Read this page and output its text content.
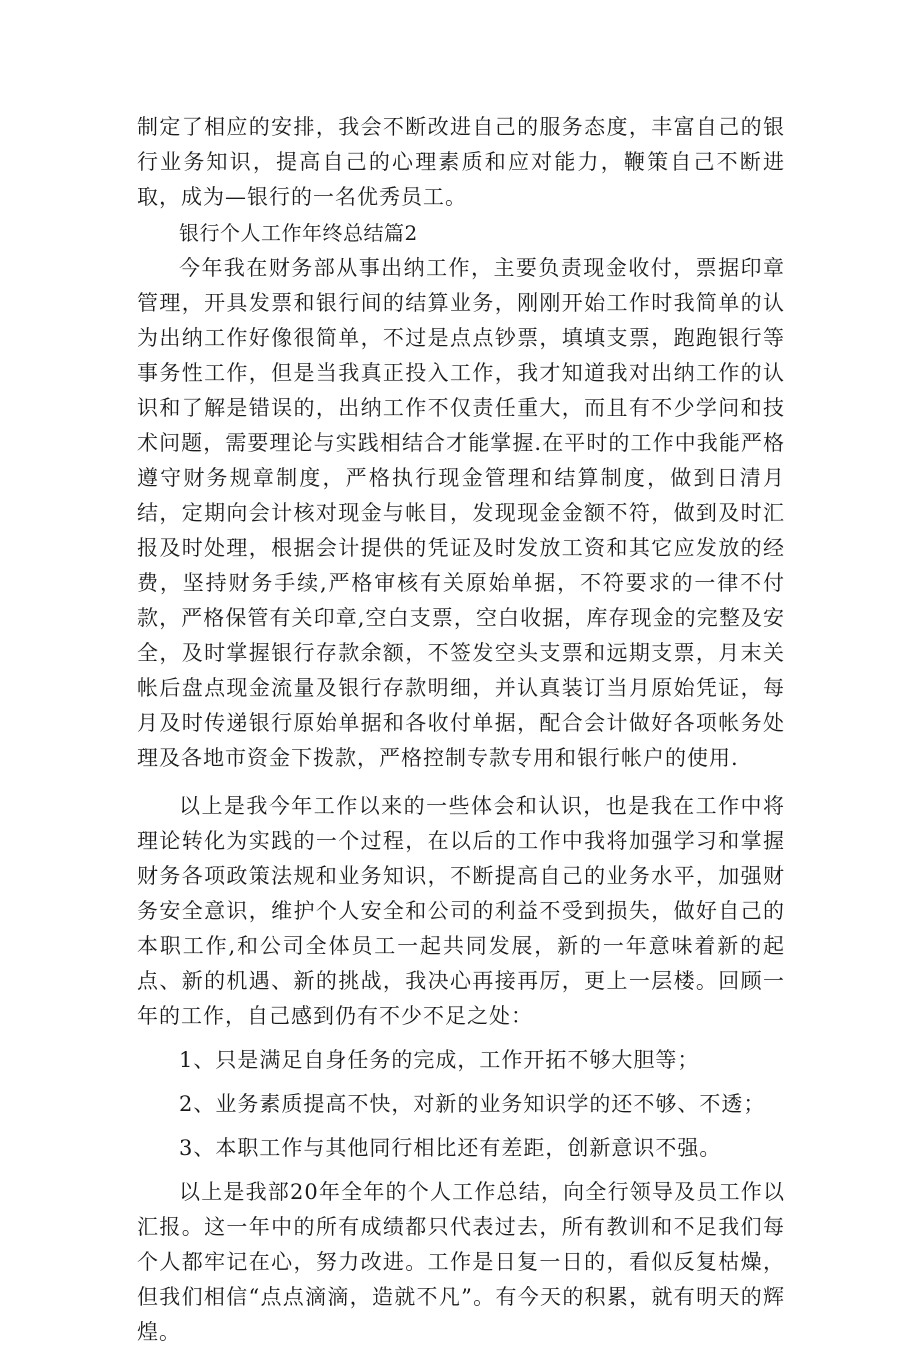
制定了相应的安排，我会不断改进自己的服务态度，丰富自己的银行业务知识，提高自己的心理素质和应对能力，鞭策自己不断进取，成为—银行的一名优秀员工。

银行个人工作年终总结篇2

今年我在财务部从事出纳工作，主要负责现金收付，票据印章管理，开具发票和银行间的结算业务，刚刚开始工作时我简单的认为出纳工作好像很简单，不过是点点钞票，填填支票，跑跑银行等事务性工作，但是当我真正投入工作，我才知道我对出纳工作的认识和了解是错误的，出纳工作不仅责任重大，而且有不少学问和技术问题，需要理论与实践相结合才能掌握.在平时的工作中我能严格遵守财务规章制度，严格执行现金管理和结算制度，做到日清月结，定期向会计核对现金与帐目，发现现金金额不符，做到及时汇报及时处理，根据会计提供的凭证及时发放工资和其它应发放的经费，坚持财务手续,严格审核有关原始单据，不符要求的一律不付款，严格保管有关印章,空白支票，空白收据，库存现金的完整及安全，及时掌握银行存款余额，不签发空头支票和远期支票，月末关帐后盘点现金流量及银行存款明细，并认真装订当月原始凭证，每月及时传递银行原始单据和各收付单据，配合会计做好各项帐务处理及各地市资金下拨款，严格控制专款专用和银行帐户的使用.

以上是我今年工作以来的一些体会和认识，也是我在工作中将理论转化为实践的一个过程，在以后的工作中我将加强学习和掌握财务各项政策法规和业务知识，不断提高自己的业务水平，加强财务安全意识，维护个人安全和公司的利益不受到损失，做好自己的本职工作,和公司全体员工一起共同发展，新的一年意味着新的起点、新的机遇、新的挑战，我决心再接再厉，更上一层楼。回顾一年的工作，自己感到仍有不少不足之处：

1、只是满足自身任务的完成，工作开拓不够大胆等；

2、业务素质提高不快，对新的业务知识学的还不够、不透；

3、本职工作与其他同行相比还有差距，创新意识不强。

以上是我部20年全年的个人工作总结，向全行领导及员工作以汇报。这一年中的所有成绩都只代表过去，所有教训和不足我们每个人都牢记在心，努力改进。工作是日复一日的，看似反复枯燥，但我们相信“点点滴滴，造就不凡”。有今天的积累，就有明天的辉煌。
